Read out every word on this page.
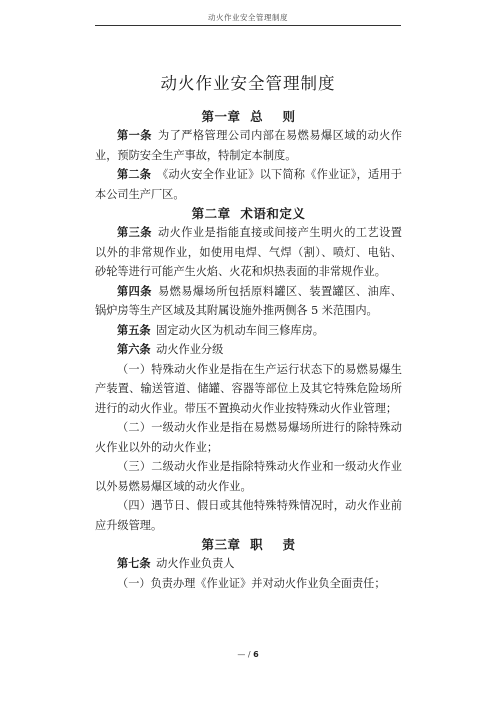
动火作业安全管理制度
动火作业安全管理制度

第一章  总    则

第一条  为了严格管理公司内部在易燃易爆区域的动火作业，预防安全生产事故，特制定本制度。

第二条  《动火安全作业证》以下简称《作业证》，适用于本公司生产厂区。

第二章  术语和定义

第三条  动火作业是指能直接或间接产生明火的工艺设置以外的非常规作业，如使用电焊、气焊（割）、喷灯、电钻、砂轮等进行可能产生火焰、火花和炽热表面的非常规作业。

第四条  易燃易爆场所包括原料罐区、装置罐区、油库、锅炉房等生产区域及其附属设施外推两侧各 5 米范围内。

第五条  固定动火区为机动车间三修库房。

第六条  动火作业分级

（一）特殊动火作业是指在生产运行状态下的易燃易爆生产装置、输送管道、储罐、容器等部位上及其它特殊危险场所进行的动火作业。带压不置换动火作业按特殊动火作业管理；

（二）一级动火作业是指在易燃易爆场所进行的除特殊动火作业以外的动火作业；

（三）二级动火作业是指除特殊动火作业和一级动火作业以外易燃易爆区域的动火作业。

（四）遇节日、假日或其他特殊特殊情况时，动火作业前应升级管理。

第三章  职    责

第七条  动火作业负责人

（一）负责办理《作业证》并对动火作业负全面责任；

— / 6
